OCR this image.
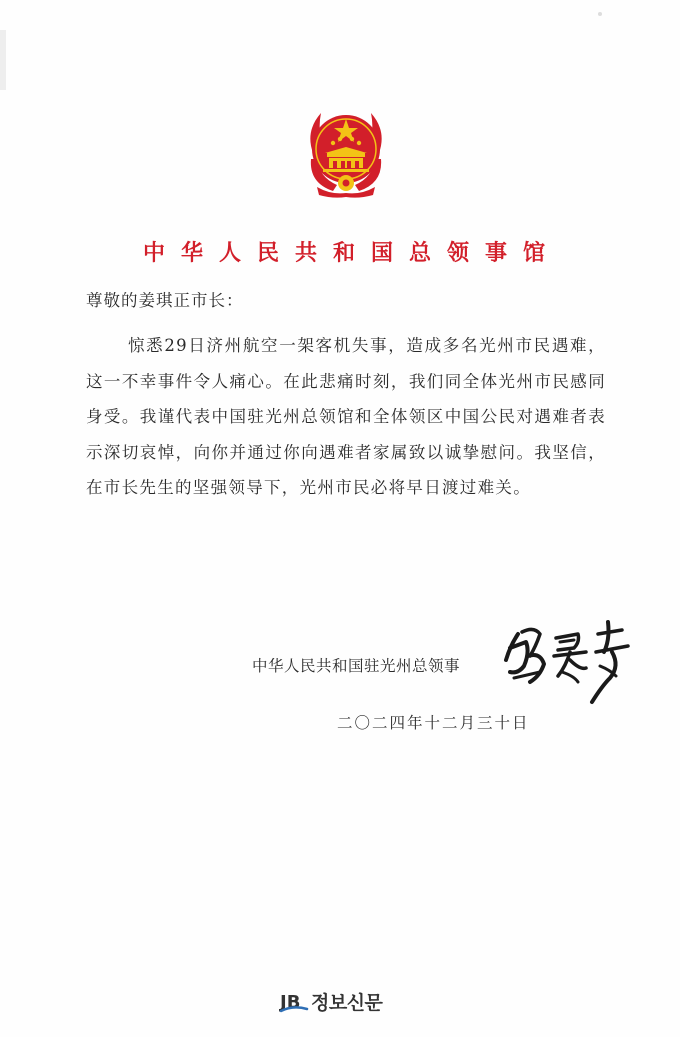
中华人民共和国总领事馆
尊敬的姜琪正市长：

惊悉29日济州航空一架客机失事，造成多名光州市民遇难，这一不幸事件令人痛心。在此悲痛时刻，我们同全体光州市民感同身受。我谨代表中国驻光州总领馆和全体领区中国公民对遇难者表示深切哀悼，向你并通过你向遇难者家属致以诚挚慰问。我坚信，在市长先生的坚强领导下，光州市民必将早日渡过难关。

中华人民共和国驻光州总领事
二〇二四年十二月三十日
JB 정보신문
